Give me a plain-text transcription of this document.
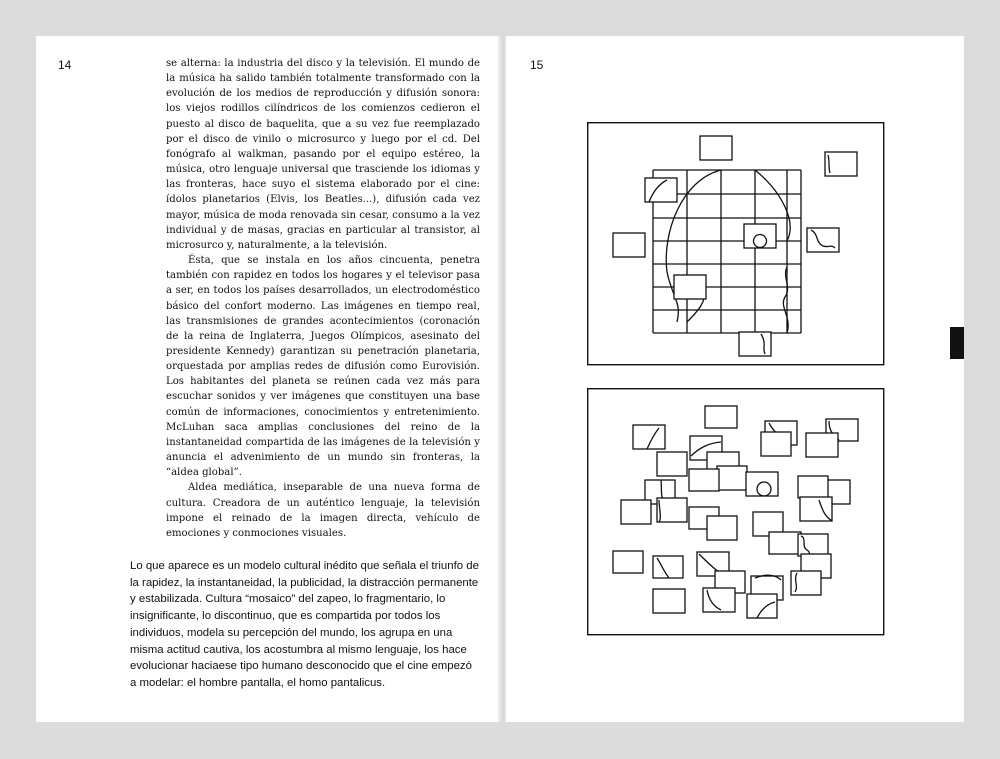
14	se alterna: la industria del disco y la televisión. El mundo de la música ha salido también totalmente transformado con la evolución de los medios de reproducción y difusión sonora: los viejos rodillos cilíndricos de los comienzos cedieron el puesto al disco de baquelita, que a su vez fue reemplazado por el disco de vinilo o microsurco y luego por el cd. Del fonógrafo al walkman, pasando por el equipo estéreo, la música, otro lenguaje universal que trasciende los idiomas y las fronteras, hace suyo el sistema elaborado por el cine: ídolos planetarios (Elvis, los Beatles...), difusión cada vez mayor, música de moda renovada sin cesar, consumo a la vez individual y de masas, gracias en particular al transistor, al microsurco y, naturalmente, a la televisión.

Ésta, que se instala en los años cincuenta, penetra también con rapidez en todos los hogares y el televisor pasa a ser, en todos los países desarrollados, un electrodoméstico básico del confort moderno. Las imágenes en tiempo real, las transmisiones de grandes acontecimientos (coronación de la reina de Inglaterra, Juegos Olímpicos, asesinato del presidente Kennedy) garantizan su penetración planetaria, orquestada por amplias redes de difusión como Eurovisión. Los habitantes del planeta se reúnen cada vez más para escuchar sonidos y ver imágenes que constituyen una base común de informaciones, conocimientos y entretenimiento. McLuhan saca amplias conclusiones del reino de la instantaneidad compartida de las imágenes de la televisión y anuncia el advenimiento de un mundo sin fronteras, la “aldea global”.

Aldea mediática, inseparable de una nueva forma de cultura. Creadora de un auténtico lenguaje, la televisión impone el reinado de la imagen directa, vehículo de emociones y conmociones visuales.

Lo que aparece es un modelo cultural inédito que señala el triunfo de la rapidez, la instantaneidad, la publicidad, la distracción permanente y estabilizada. Cultura “mosaico” del zapeo, lo fragmentario, lo insignificante, lo discontinuo, que es compartida por todos los individuos, modela su percepción del mundo, los agrupa en una misma actitud cautiva, los acostumbra al mismo lenguaje, los hace evolucionar haciaese tipo humano desconocido que el cine empezó a modelar: el hombre pantalla, el homo pantalicus.

15
